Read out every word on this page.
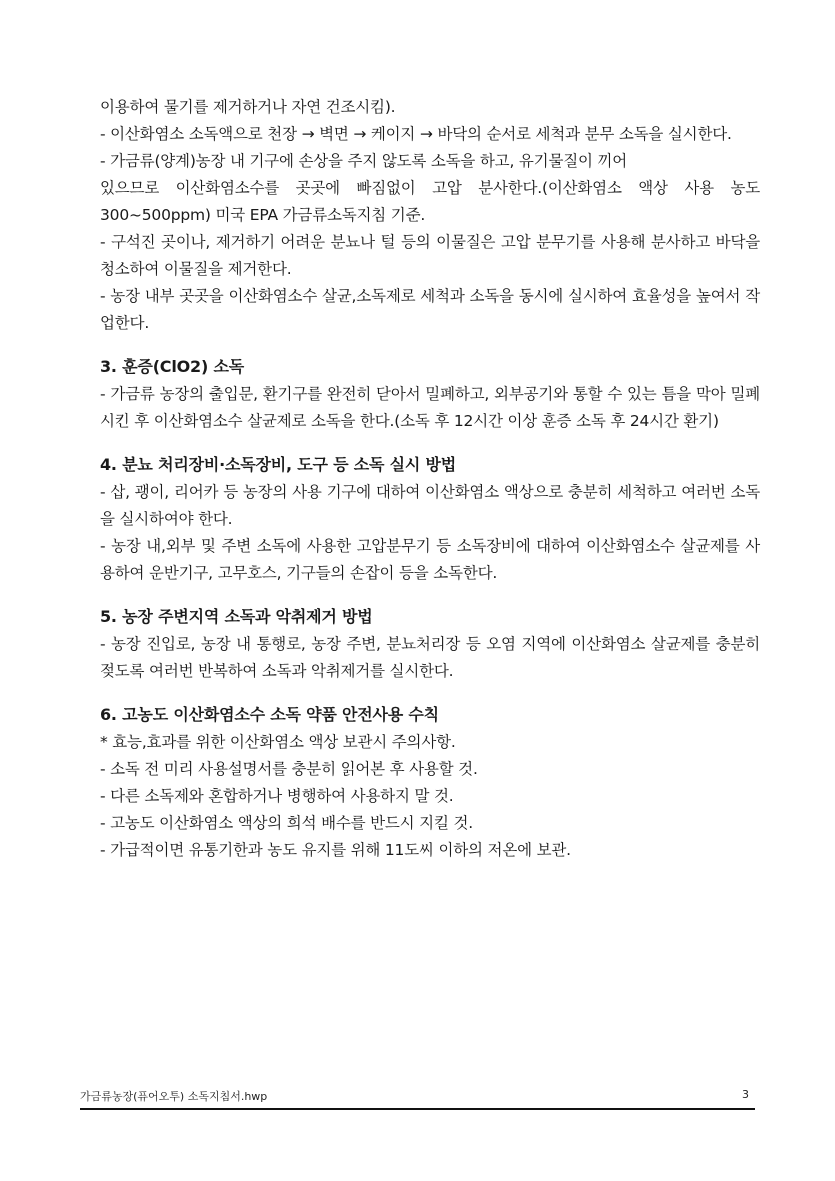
이용하여 물기를 제거하거나 자연 건조시킴).

- 이산화염소 소독액으로 천장 → 벽면 → 케이지 → 바닥의 순서로 세척과 분무 소독을 실시한다.

- 가금류(양계)농장 내 기구에 손상을 주지 않도록 소독을 하고, 유기물질이 끼어

있으므로 이산화염소수를 곳곳에 빠짐없이 고압 분사한다.(이산화염소 액상 사용 농도 300~500ppm) 미국 EPA 가금류소독지침 기준.

- 구석진 곳이나, 제거하기 어려운 분뇨나 털 등의 이물질은 고압 분무기를 사용해 분사하고 바닥을 청소하여 이물질을 제거한다.

- 농장 내부 곳곳을 이산화염소수 살균,소독제로 세척과 소독을 동시에 실시하여 효율성을 높여서 작업한다.

3. 훈증(ClO2) 소독

- 가금류 농장의 출입문, 환기구를 완전히 닫아서 밀폐하고, 외부공기와 통할 수 있는 틈을 막아 밀폐시킨 후 이산화염소수 살균제로 소독을 한다.(소독 후 12시간 이상 훈증 소독 후 24시간 환기)

4. 분뇨 처리장비·소독장비, 도구 등 소독 실시 방법

- 삽, 괭이, 리어카 등 농장의 사용 기구에 대하여 이산화염소 액상으로 충분히 세척하고 여러번 소독을 실시하여야 한다.

- 농장 내,외부 및 주변 소독에 사용한 고압분무기 등 소독장비에 대하여 이산화염소수 살균제를 사용하여 운반기구, 고무호스, 기구들의 손잡이 등을 소독한다.

5. 농장 주변지역 소독과 악취제거 방법

- 농장 진입로, 농장 내 통행로, 농장 주변, 분뇨처리장 등 오염 지역에 이산화염소 살균제를 충분히 젖도록 여러번 반복하여 소독과 악취제거를 실시한다.

6. 고농도 이산화염소수 소독 약품 안전사용 수칙

* 효능,효과를 위한 이산화염소 액상 보관시 주의사항.

- 소독 전 미리 사용설명서를 충분히 읽어본 후 사용할 것.

- 다른 소독제와 혼합하거나 병행하여 사용하지 말 것.

- 고농도 이산화염소 액상의 희석 배수를 반드시 지킬 것.

- 가급적이면 유통기한과 농도 유지를 위해 11도씨 이하의 저온에 보관.

가금류농장(퓨어오투) 소독지침서.hwp	3
